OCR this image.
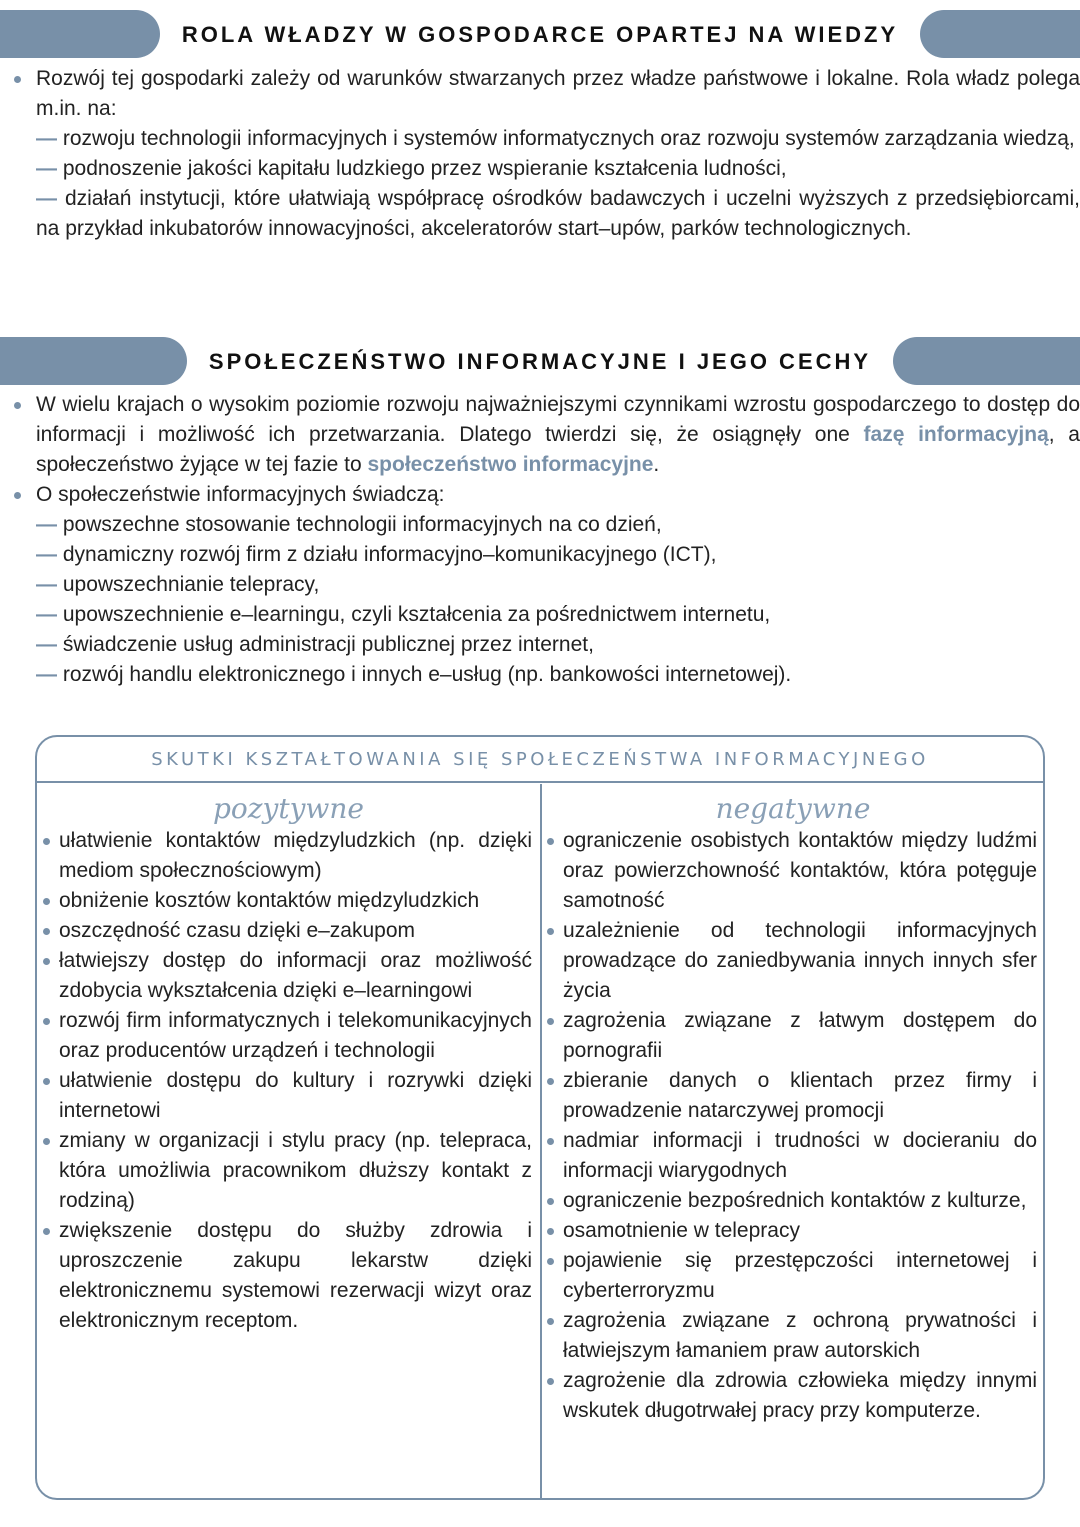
ROLA WŁADZY W GOSPODARCE OPARTEJ NA WIEDZY
Rozwój tej gospodarki zależy od warunków stwarzanych przez władze państwowe i lokalne. Rola władz polega m.in. na:
— rozwoju technologii informacyjnych i systemów informatycznych oraz rozwoju systemów zarządzania wiedzą,
— podnoszenie jakości kapitału ludzkiego przez wspieranie kształcenia ludności,
— działań instytucji, które ułatwiają współpracę ośrodków badawczych i uczelni wyższych z przedsiębiorcami, na przykład inkubatorów innowacyjności, akceleratorów start–upów, parków technologicznych.
SPOŁECZEŃSTWO INFORMACYJNE I JEGO CECHY
W wielu krajach o wysokim poziomie rozwoju najważniejszymi czynnikami wzrostu gospodarczego to dostęp do informacji i możliwość ich przetwarzania. Dlatego twierdzi się, że osiągnęły one fazę informacyjną, a społeczeństwo żyjące w tej fazie to społeczeństwo informacyjne.
O społeczeństwie informacyjnych świadczą:
— powszechne stosowanie technologii informacyjnych na co dzień,
— dynamiczny rozwój firm z działu informacyjno–komunikacyjnego (ICT),
— upowszechnianie telepracy,
— upowszechnienie e–learningu, czyli kształcenia za pośrednictwem internetu,
— świadczenie usług administracji publicznej przez internet,
— rozwój handlu elektronicznego i innych e–usług (np. bankowości internetowej).
SKUTKI KSZTAŁTOWANIA SIĘ SPOŁECZEŃSTWA INFORMACYJNEGO
pozytywne
ułatwienie kontaktów międzyludzkich (np. dzięki mediom społecznościowym)
obniżenie kosztów kontaktów międzyludzkich
oszczędność czasu dzięki e–zakupom
łatwiejszy dostęp do informacji oraz możliwość zdobycia wykształcenia dzięki e–learningowi
rozwój firm informatycznych i telekomunikacyjnych oraz producentów urządzeń i technologii
ułatwienie dostępu do kultury i rozrywki dzięki internetowi
zmiany w organizacji i stylu pracy (np. telepraca, która umożliwia pracownikom dłuższy kontakt z rodziną)
zwiększenie dostępu do służby zdrowia i uproszczenie zakupu lekarstw dzięki elektronicznemu systemowi rezerwacji wizyt oraz elektronicznym receptom.
negatywne
ograniczenie osobistych kontaktów między ludźmi oraz powierzchowność kontaktów, która potęguje samotność
uzależnienie od technologii informacyjnych prowadzące do zaniedbywania innych innych sfer życia
zagrożenia związane z łatwym dostępem do pornografii
zbieranie danych o klientach przez firmy i prowadzenie natarczywej promocji
nadmiar informacji i trudności w docieraniu do informacji wiarygodnych
ograniczenie bezpośrednich kontaktów z kulturze,
osamotnienie w telepracy
pojawienie się przestępczości internetowej i cyberterroryzmu
zagrożenia związane z ochroną prywatności i łatwiejszym łamaniem praw autorskich
zagrożenie dla zdrowia człowieka między innymi wskutek długotrwałej pracy przy komputerze.
